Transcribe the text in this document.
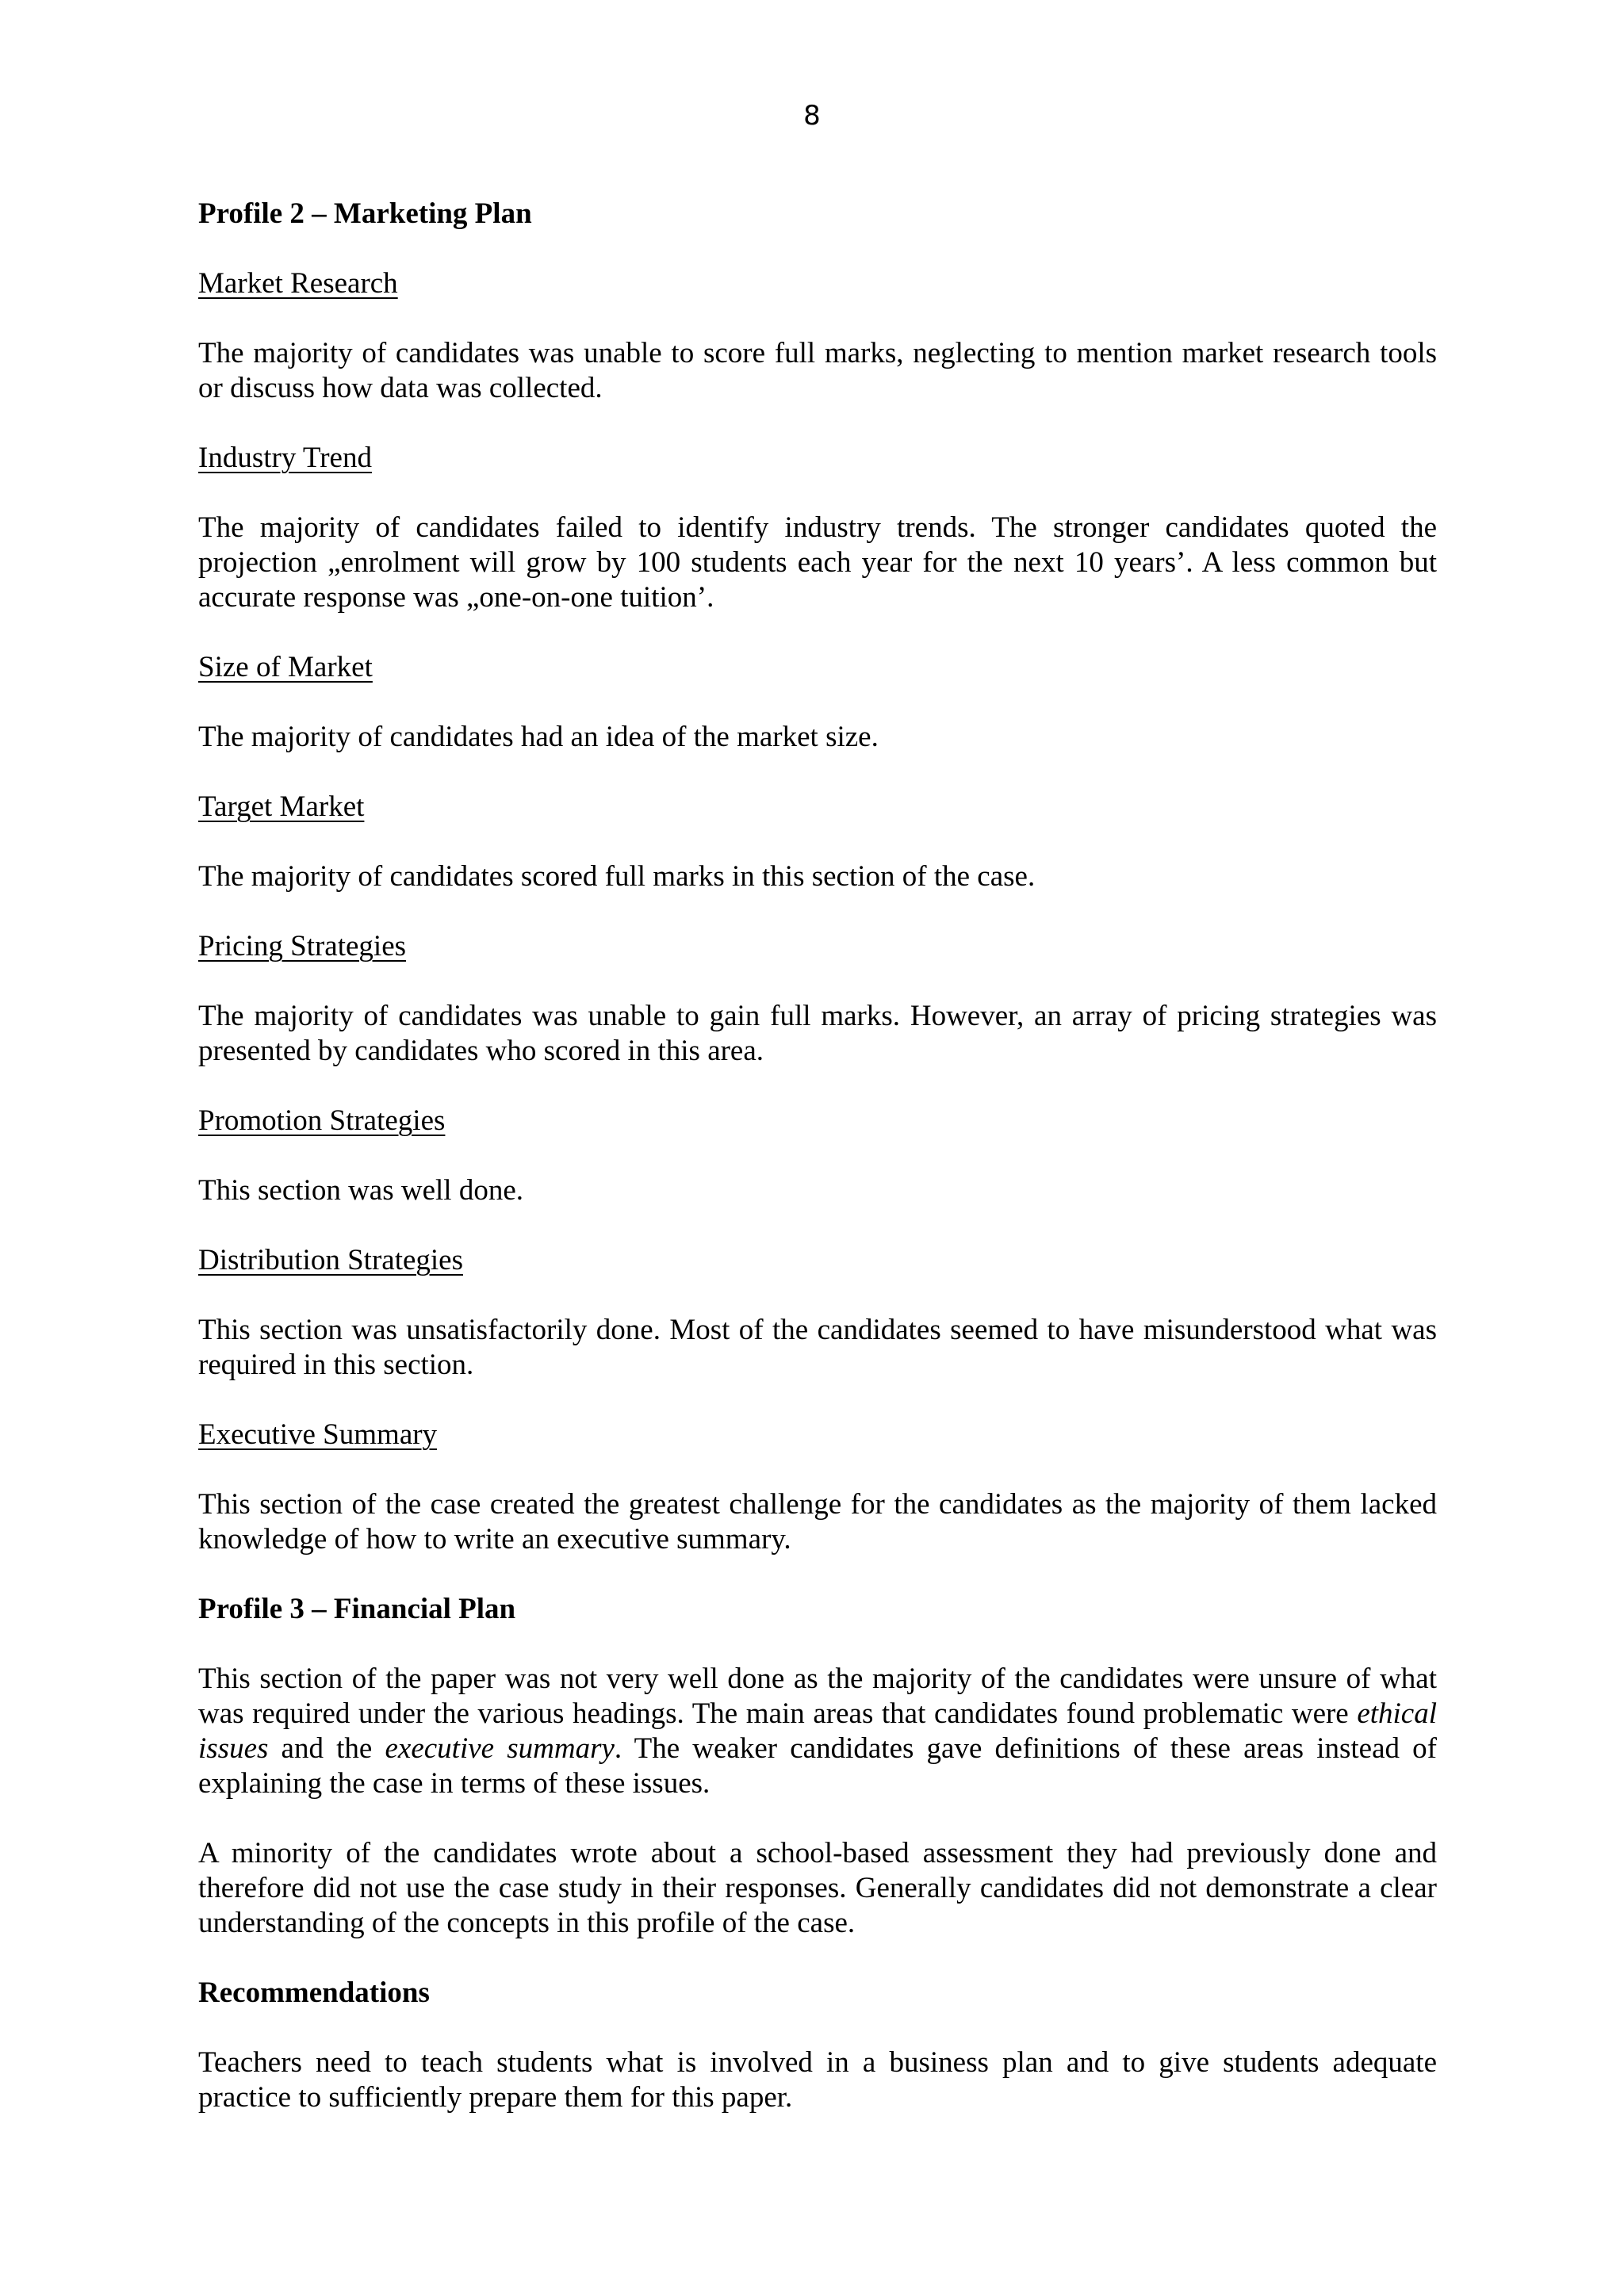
8
Profile 2 – Marketing Plan
Market Research

The majority of candidates was unable to score full marks, neglecting to mention market research tools or discuss how data was collected.

Industry Trend

The majority of candidates failed to identify industry trends. The stronger candidates quoted the projection „enrolment will grow by 100 students each year for the next 10 years’. A less common but accurate response was „one-on-one tuition’.

Size of Market

The majority of candidates had an idea of the market size.

Target Market

The majority of candidates scored full marks in this section of the case.

Pricing Strategies

The majority of candidates was unable to gain full marks. However, an array of pricing strategies was presented by candidates who scored in this area.

Promotion Strategies

This section was well done.

Distribution Strategies

This section was unsatisfactorily done. Most of the candidates seemed to have misunderstood what was required in this section.

Executive Summary

This section of the case created the greatest challenge for the candidates as the majority of them lacked knowledge of how to write an executive summary.

Profile 3 – Financial Plan

This section of the paper was not very well done as the majority of the candidates were unsure of what was required under the various headings. The main areas that candidates found problematic were ethical issues and the executive summary. The weaker candidates gave definitions of these areas instead of explaining the case in terms of these issues.

A minority of the candidates wrote about a school-based assessment they had previously done and therefore did not use the case study in their responses. Generally candidates did not demonstrate a clear understanding of the concepts in this profile of the case.

Recommendations

Teachers need to teach students what is involved in a business plan and to give students adequate practice to sufficiently prepare them for this paper.
